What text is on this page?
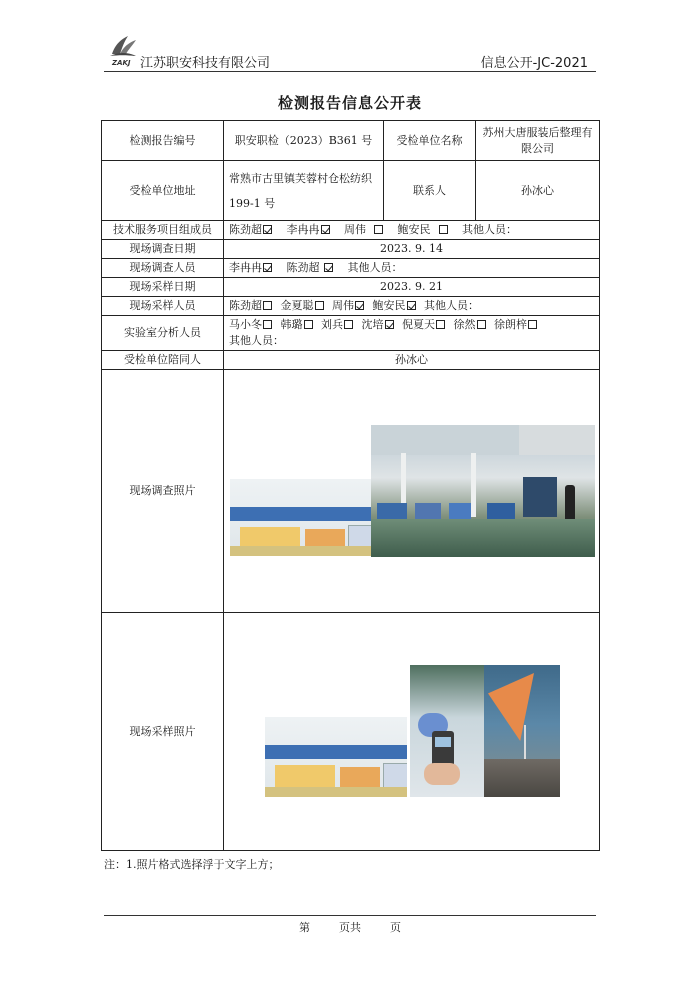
ZAKJ 江苏职安科技有限公司	信息公开-JC-2021
检测报告信息公开表
检测报告编号	职安职检（2023）B361 号	受检单位名称	苏州大唐服装后整理有限公司
受检单位地址	常熟市古里镇芙蓉村仓松纺织 199-1 号	联系人	孙冰心
技术服务项目组成员	陈劲超 李冉冉 周伟 鲍安民 其他人员：		
现场调查日期	2023. 9. 14		
现场调查人员	李冉冉 陈劲超 其他人员：		
现场采样日期	2023. 9. 21		
现场采样人员	陈劲超 金夏聪 周伟 鲍安民 其他人员：		
实验室分析人员	马小冬 韩璐 刘兵 沈培 倪夏天 徐然 徐朗梓
其他人员：		

受检单位陪同人	孙冰心		
现场调查照片			

现场采样照片			
注：1.照片格式选择浮于文字上方；
第	页共	页
